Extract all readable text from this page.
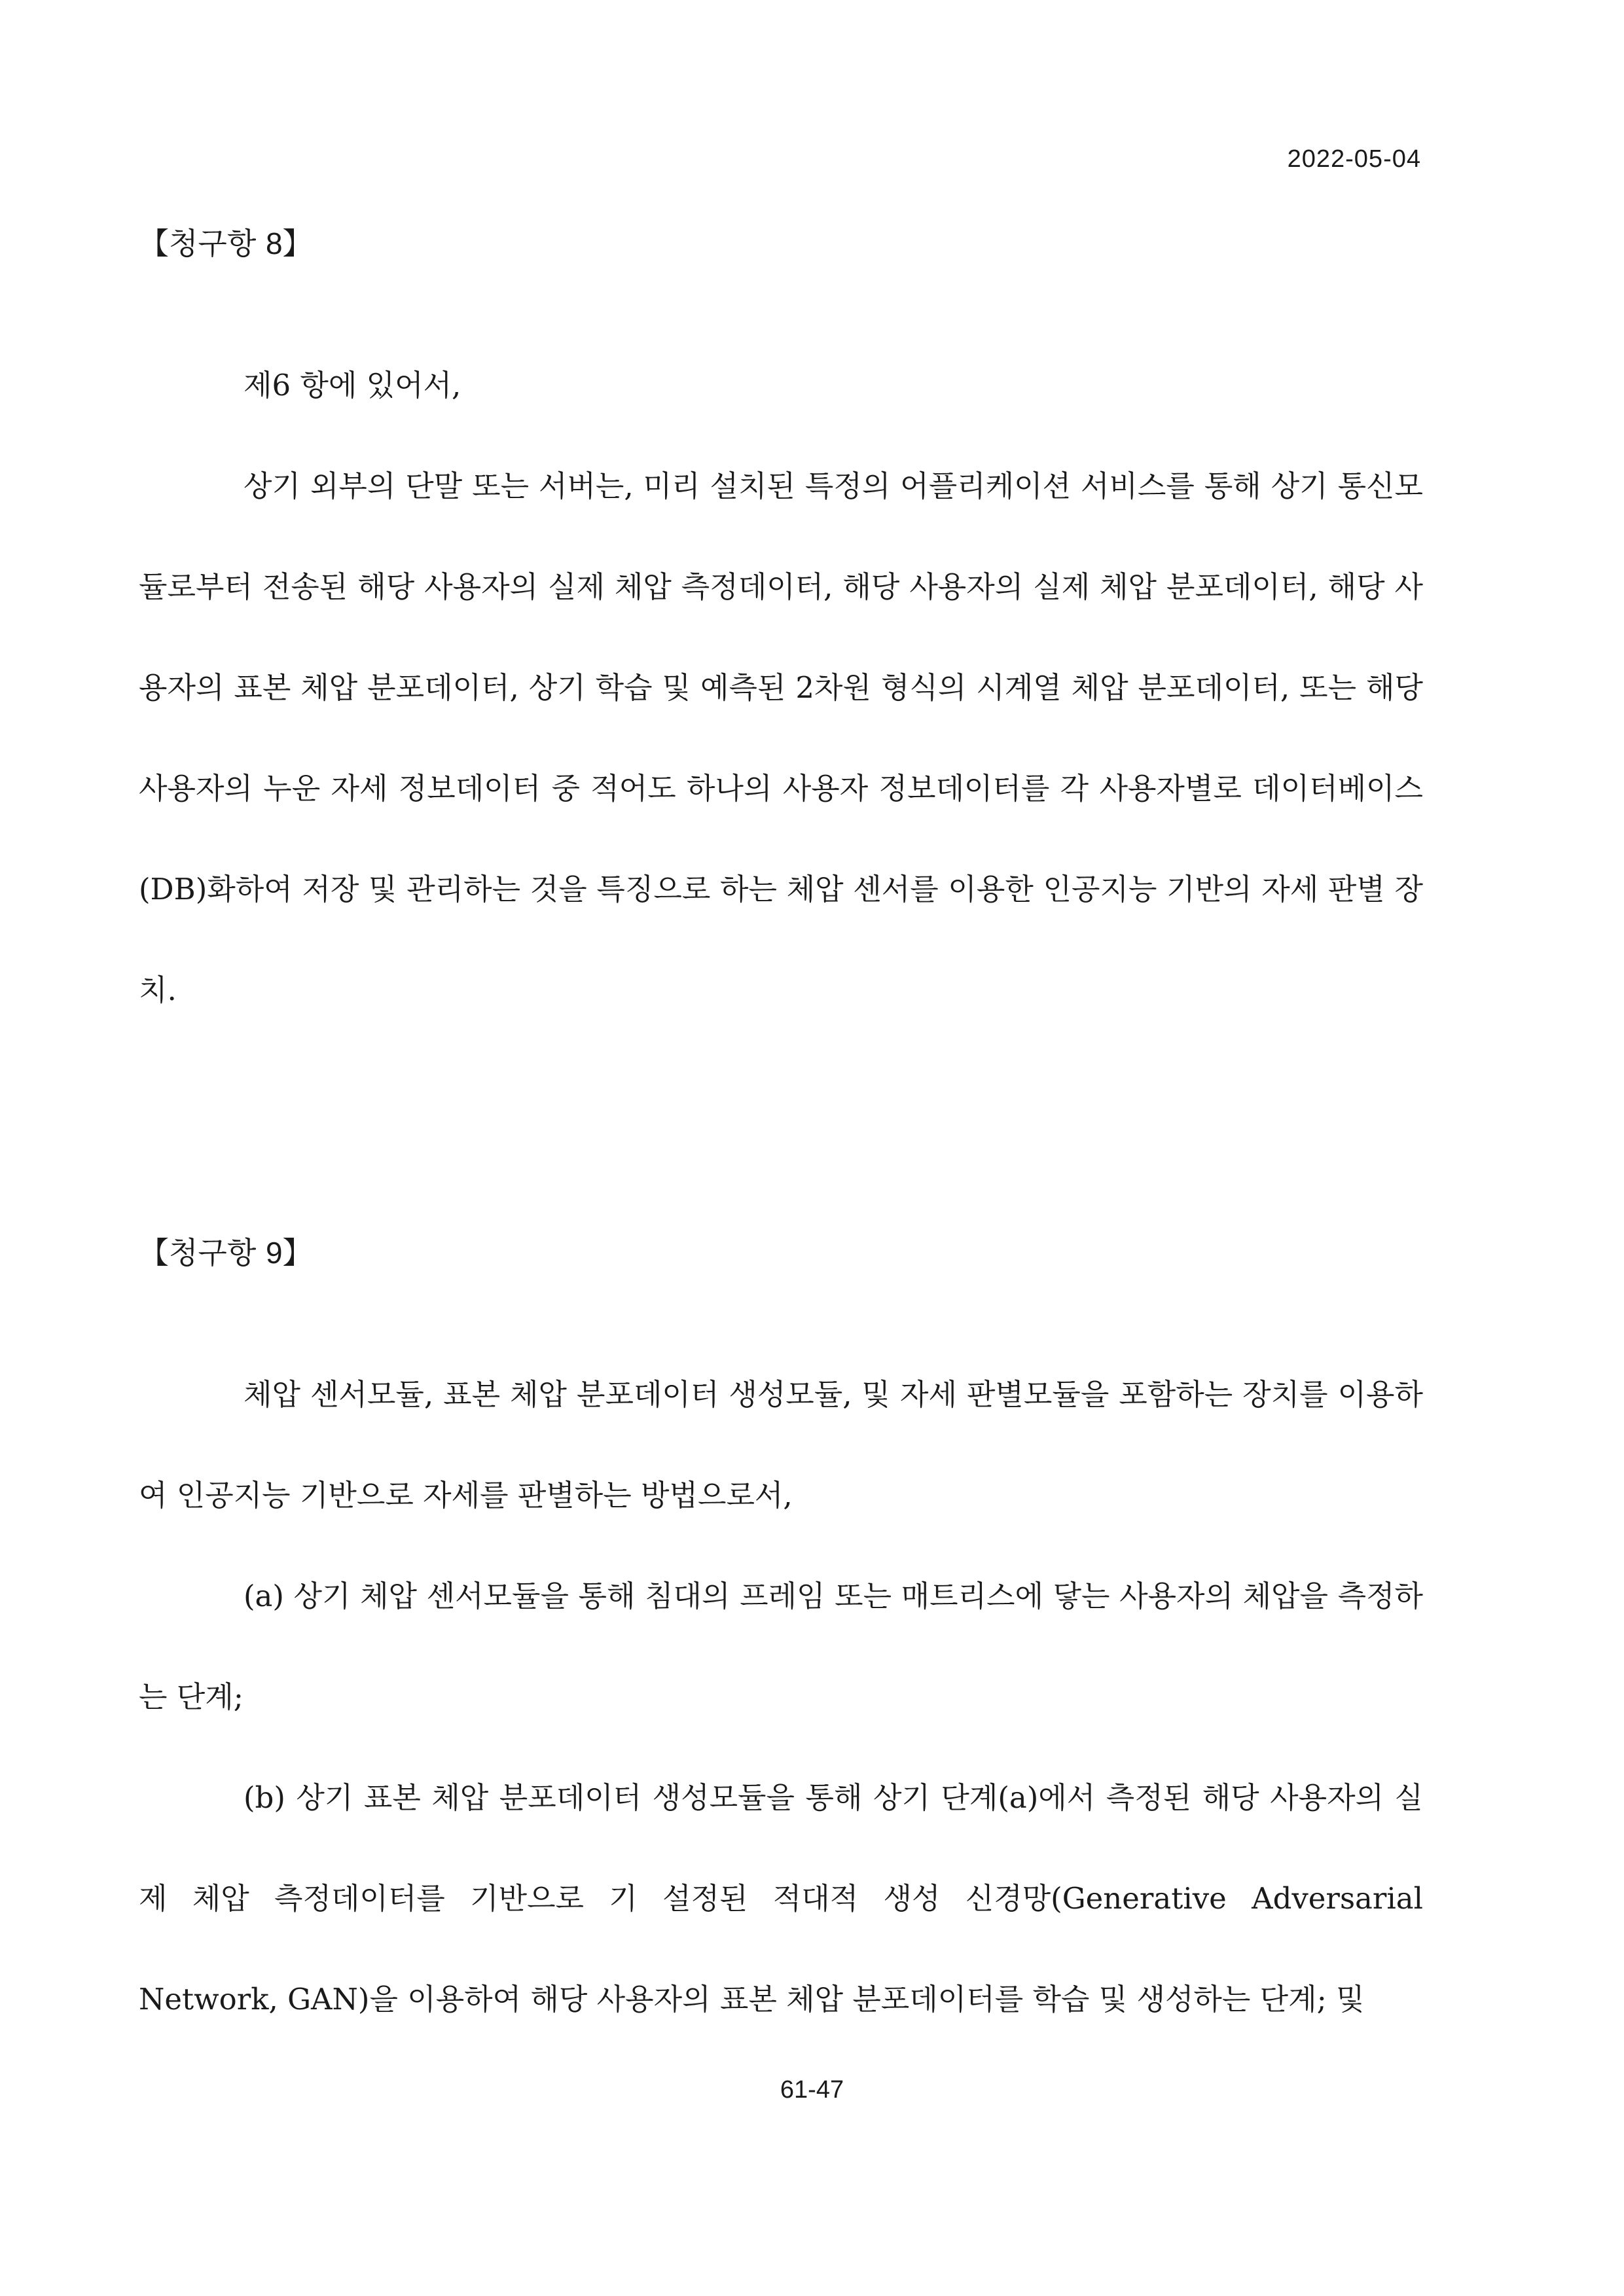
2022-05-04
【청구항 8】

제6 항에 있어서,

상기 외부의 단말 또는 서버는, 미리 설치된 특정의 어플리케이션 서비스를 통해 상기 통신모듈로부터 전송된 해당 사용자의 실제 체압 측정데이터, 해당 사용자의 실제 체압 분포데이터, 해당 사용자의 표본 체압 분포데이터, 상기 학습 및 예측된 2차원 형식의 시계열 체압 분포데이터, 또는 해당 사용자의 누운 자세 정보데이터 중 적어도 하나의 사용자 정보데이터를 각 사용자별로 데이터베이스(DB)화하여 저장 및 관리하는 것을 특징으로 하는 체압 센서를 이용한 인공지능 기반의 자세 판별 장치.

【청구항 9】

체압 센서모듈, 표본 체압 분포데이터 생성모듈, 및 자세 판별모듈을 포함하는 장치를 이용하여 인공지능 기반으로 자세를 판별하는 방법으로서,

(a) 상기 체압 센서모듈을 통해 침대의 프레임 또는 매트리스에 닿는 사용자의 체압을 측정하는 단계;

(b) 상기 표본 체압 분포데이터 생성모듈을 통해 상기 단계(a)에서 측정된 해당 사용자의 실제 체압 측정데이터를 기반으로 기 설정된 적대적 생성 신경망(Generative Adversarial Network, GAN)을 이용하여 해당 사용자의 표본 체압 분포데이터를 학습 및 생성하는 단계; 및

61-47
